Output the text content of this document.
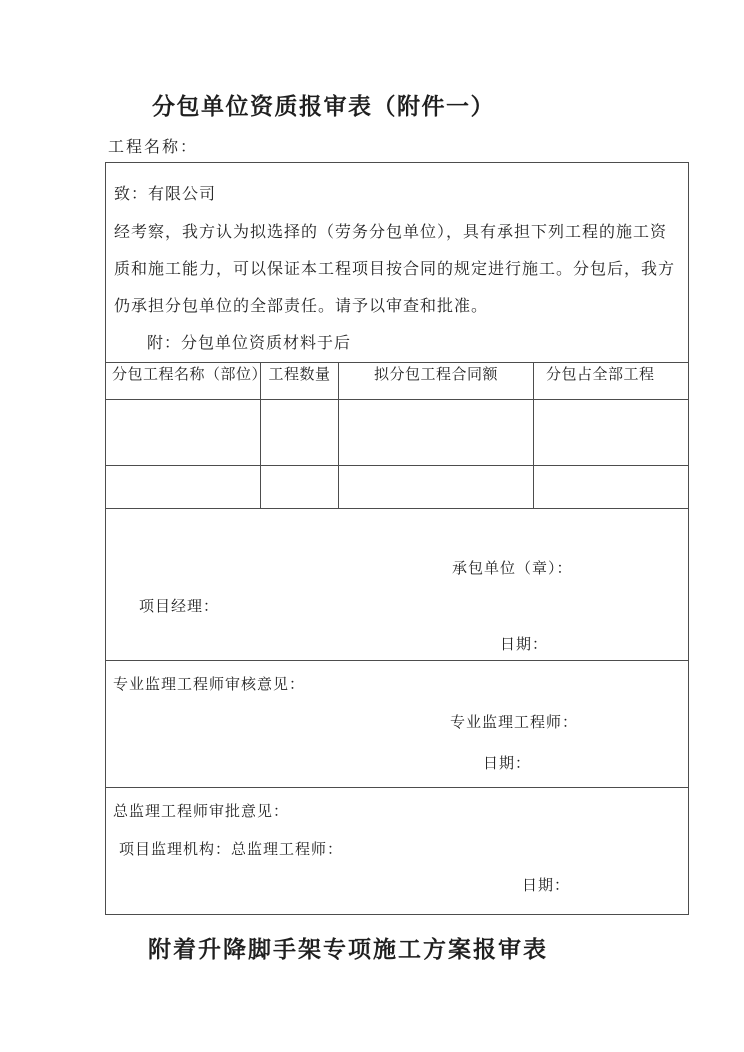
分包单位资质报审表（附件一）
工程名称：
致：有限公司
经考察，我方认为拟选择的（劳务分包单位），具有承担下列工程的施工资
质和施工能力，可以保证本工程项目按合同的规定进行施工。分包后，我方
仍承担分包单位的全部责任。请予以审查和批准。
附：分包单位资质材料于后			

分包工程名称（部位）	工程数量	拟分包工程合同额	分包占全部工程

承包单位（章）：
项目经理：
日期：			

专业监理工程师审核意见：
专业监理工程师：
日期：			

总监理工程师审批意见：
项目监理机构：总监理工程师：
日期：			
附着升降脚手架专项施工方案报审表
